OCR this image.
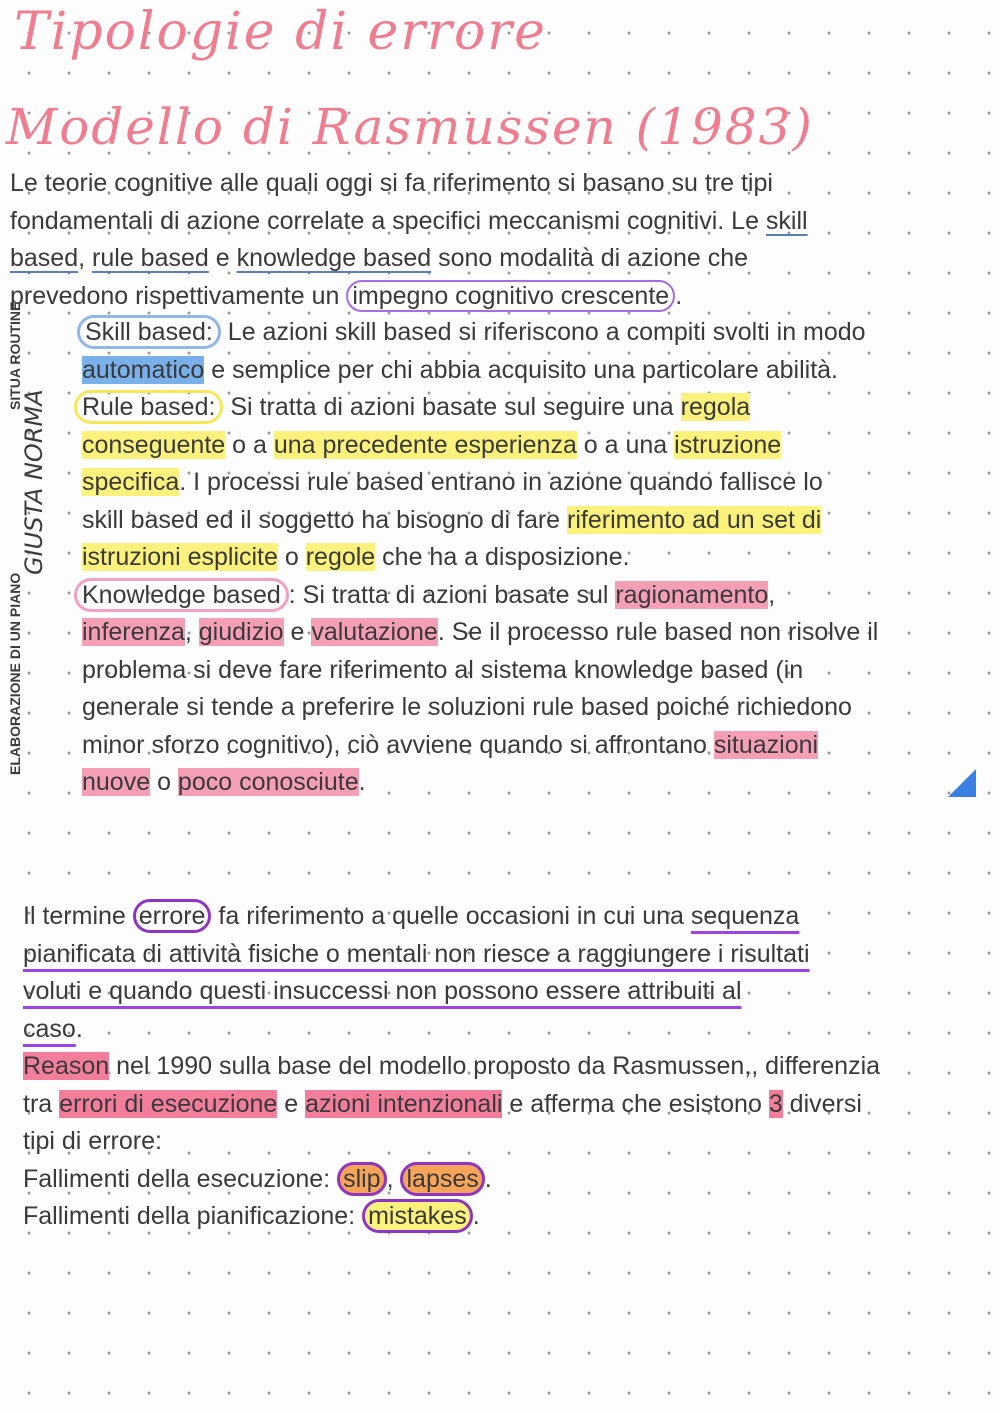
Tipologie di errore
Modello di Rasmussen (1983)
Le teorie cognitive alle quali oggi si fa riferimento si basano su tre tipi
fondamentali di azione correlate a specifici meccanismi cognitivi. Le skill
based, rule based e knowledge based sono modalità di azione che
prevedono rispettivamente un impegno cognitivo crescente .
Skill based: Le azioni skill based si riferiscono a compiti svolti in modo
automatico e semplice per chi abbia acquisito una particolare abilità.
Rule based: Si tratta di azioni basate sul seguire una regola
conseguente o a una precedente esperienza o a una istruzione
specifica. I processi rule based entrano in azione quando fallisce lo
skill based ed il soggetto ha bisogno di fare riferimento ad un set di
istruzioni esplicite o regole che ha a disposizione.
Knowledge based : Si tratta di azioni basate sul ragionamento,
inferenza, giudizio e valutazione. Se il processo rule based non risolve il
problema si deve fare riferimento al sistema knowledge based (in
generale si tende a preferire le soluzioni rule based poiché richiedono
minor sforzo cognitivo), ciò avviene quando si affrontano situazioni
nuove o poco conosciute.
SITUA ROUTINE
GIUSTA NORMA
ELABORAZIONE DI UN PIANO
Il termine errore fa riferimento a quelle occasioni in cui una sequenza
pianificata di attività fisiche o mentali non riesce a raggiungere i risultati
voluti e quando questi insuccessi non possono essere attribuiti al
caso.
Reason nel 1990 sulla base del modello proposto da Rasmussen,, differenzia
tra errori di esecuzione e azioni intenzionali e afferma che esistono 3 diversi
tipi di errore:
Fallimenti della esecuzione: slip , lapses .
Fallimenti della pianificazione: mistakes .
